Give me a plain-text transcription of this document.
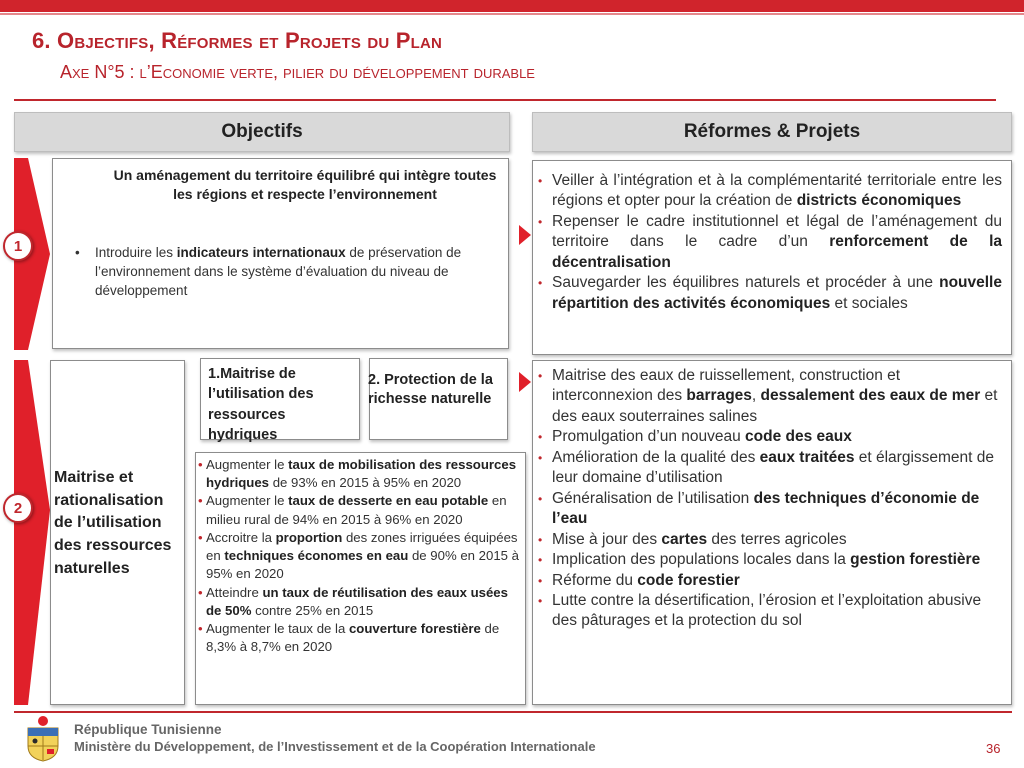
6. Objectifs, Réformes et Projets du Plan
Axe N°5 : l’Economie verte, pilier du développement durable
Objectifs	Réformes & Projets
1
Un aménagement du territoire équilibré qui intègre toutes les régions et respecte l’environnement
•	Introduire les indicateurs internationaux de préservation de l’environnement dans le système d’évaluation du niveau de développement
• Veiller à l’intégration et à la complémentarité territoriale entre les régions et opter pour la création de districts économiques
• Repenser le cadre institutionnel et légal de l’aménagement du territoire dans le cadre d’un renforcement de la décentralisation
• Sauvegarder les équilibres naturels et procéder à une nouvelle répartition des activités économiques et sociales
2
Maitrise et rationalisation de l’utilisation des ressources naturelles
1.Maitrise de l’utilisation des ressources hydriques
2. Protection de la richesse naturelle
• Augmenter le taux de mobilisation des ressources hydriques de 93% en 2015 à 95% en 2020
• Augmenter le taux de desserte en eau potable en milieu rural de 94% en 2015 à 96% en 2020
• Accroitre la proportion des zones irriguées équipées en techniques économes en eau de 90% en 2015 à 95% en 2020
• Atteindre un taux de réutilisation des eaux usées de 50% contre 25% en 2015
• Augmenter le taux de la couverture forestière de 8,3% à 8,7% en 2020
• Maitrise des eaux de ruissellement, construction et interconnexion des barrages, dessalement des eaux de mer et des eaux souterraines salines
• Promulgation d’un nouveau code des eaux
• Amélioration de la qualité des eaux traitées et élargissement de leur domaine d’utilisation
• Généralisation de l’utilisation des techniques d’économie de l’eau
• Mise à jour des cartes des terres agricoles
• Implication des populations locales dans la gestion forestière
• Réforme du code forestier
• Lutte contre la désertification, l’érosion et l’exploitation abusive des pâturages et la protection du sol
République Tunisienne
Ministère du Développement, de l’Investissement et de la Coopération Internationale	36
